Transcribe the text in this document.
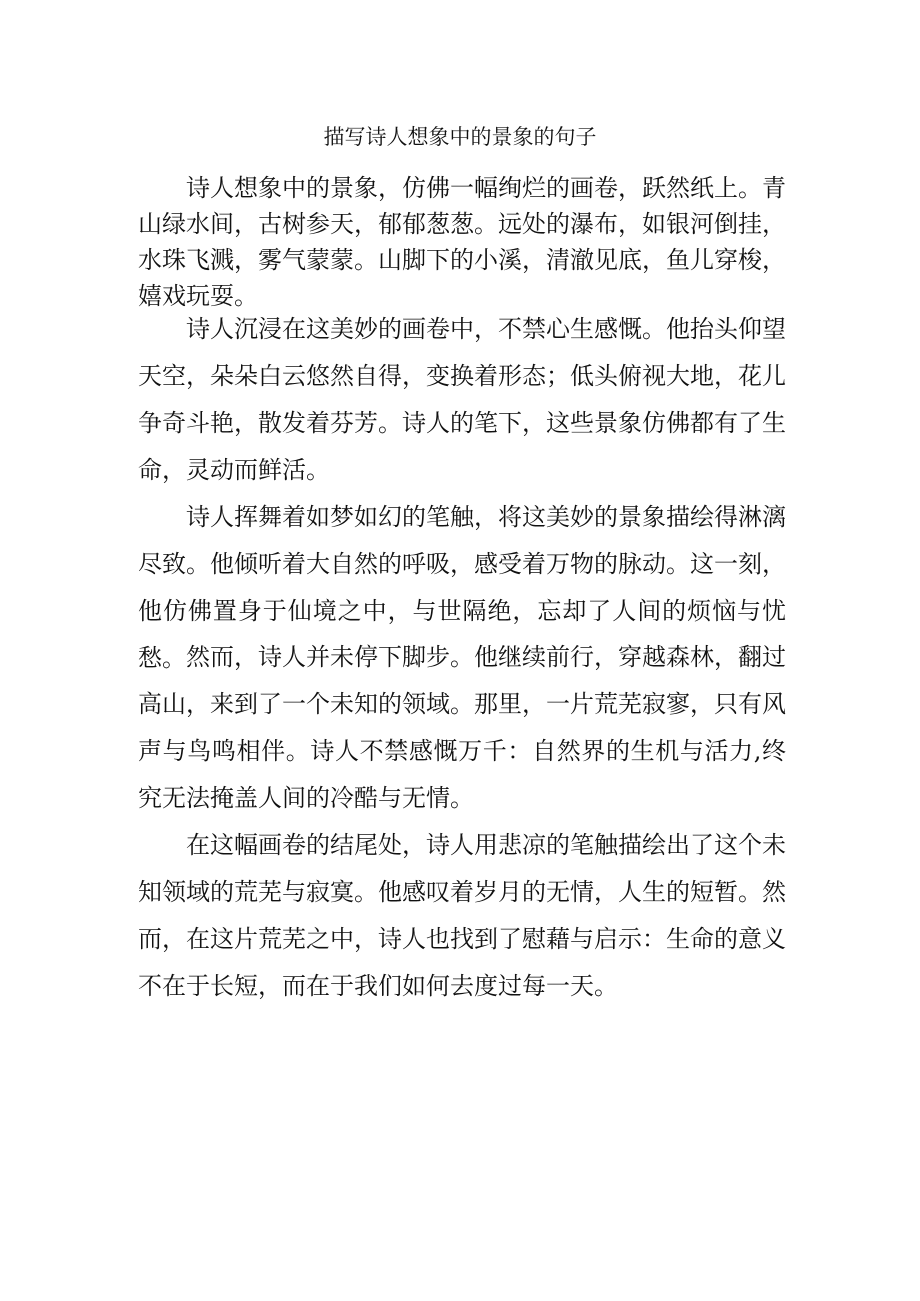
描写诗人想象中的景象的句子

诗人想象中的景象，仿佛一幅绚烂的画卷，跃然纸上。青山绿水间，古树参天，郁郁葱葱。远处的瀑布，如银河倒挂，水珠飞溅，雾气蒙蒙。山脚下的小溪，清澈见底，鱼儿穿梭，嬉戏玩耍。

诗人沉浸在这美妙的画卷中，不禁心生感慨。他抬头仰望天空，朵朵白云悠然自得，变换着形态；低头俯视大地，花儿争奇斗艳，散发着芬芳。诗人的笔下，这些景象仿佛都有了生命，灵动而鲜活。

诗人挥舞着如梦如幻的笔触，将这美妙的景象描绘得淋漓尽致。他倾听着大自然的呼吸，感受着万物的脉动。这一刻，他仿佛置身于仙境之中，与世隔绝，忘却了人间的烦恼与忧愁。 然而，诗人并未停下脚步。他继续前行，穿越森林，翻过高山，来到了一个未知的领域。那里，一片荒芜寂寥，只有风声与鸟鸣相伴。诗人不禁感慨万千：自然界的生机与活力,终究无法掩盖人间的冷酷与无情。

在这幅画卷的结尾处，诗人用悲凉的笔触描绘出了这个未知领域的荒芜与寂寞。他感叹着岁月的无情，人生的短暂。然而，在这片荒芜之中，诗人也找到了慰藉与启示：生命的意义不在于长短，而在于我们如何去度过每一天。
